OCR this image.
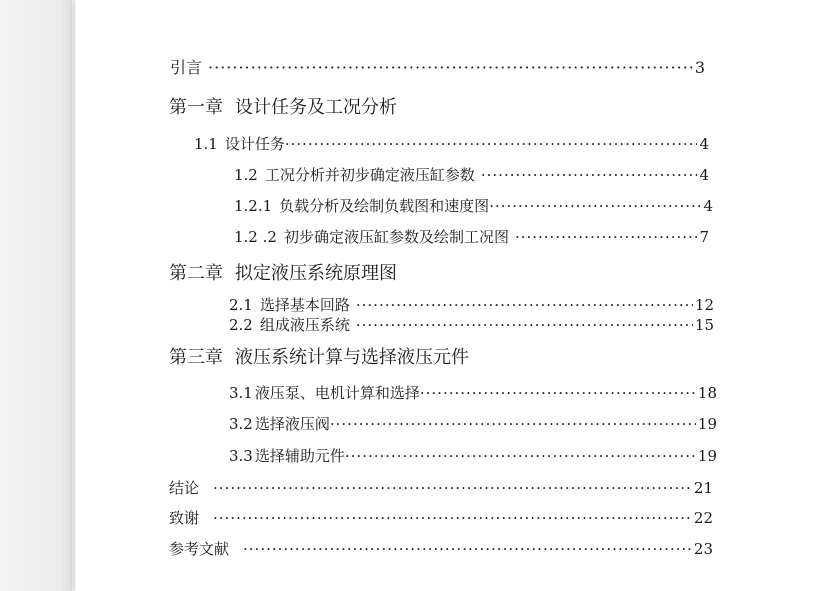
引言 ·····	3
第一章 设计任务及工况分析
1.1 设计任务 ·····	4
1.2 工况分析并初步确定液压缸参数 ·····	4
1.2.1 负载分析及绘制负载图和速度图 ·····	4
1.2 .2 初步确定液压缸参数及绘制工况图 ·····	7
第二章 拟定液压系统原理图
2.1 选择基本回路 ·····	12
2.2 组成液压系统 ·····	15
第三章 液压系统计算与选择液压元件
3.1 液压泵、电机计算和选择 ·····	18
3.2 选择液压阀 ·····	19
3.3 选择辅助元件 ·····	19
结论 ·····	21
致谢 ·····	22
参考文献 ·····	23
